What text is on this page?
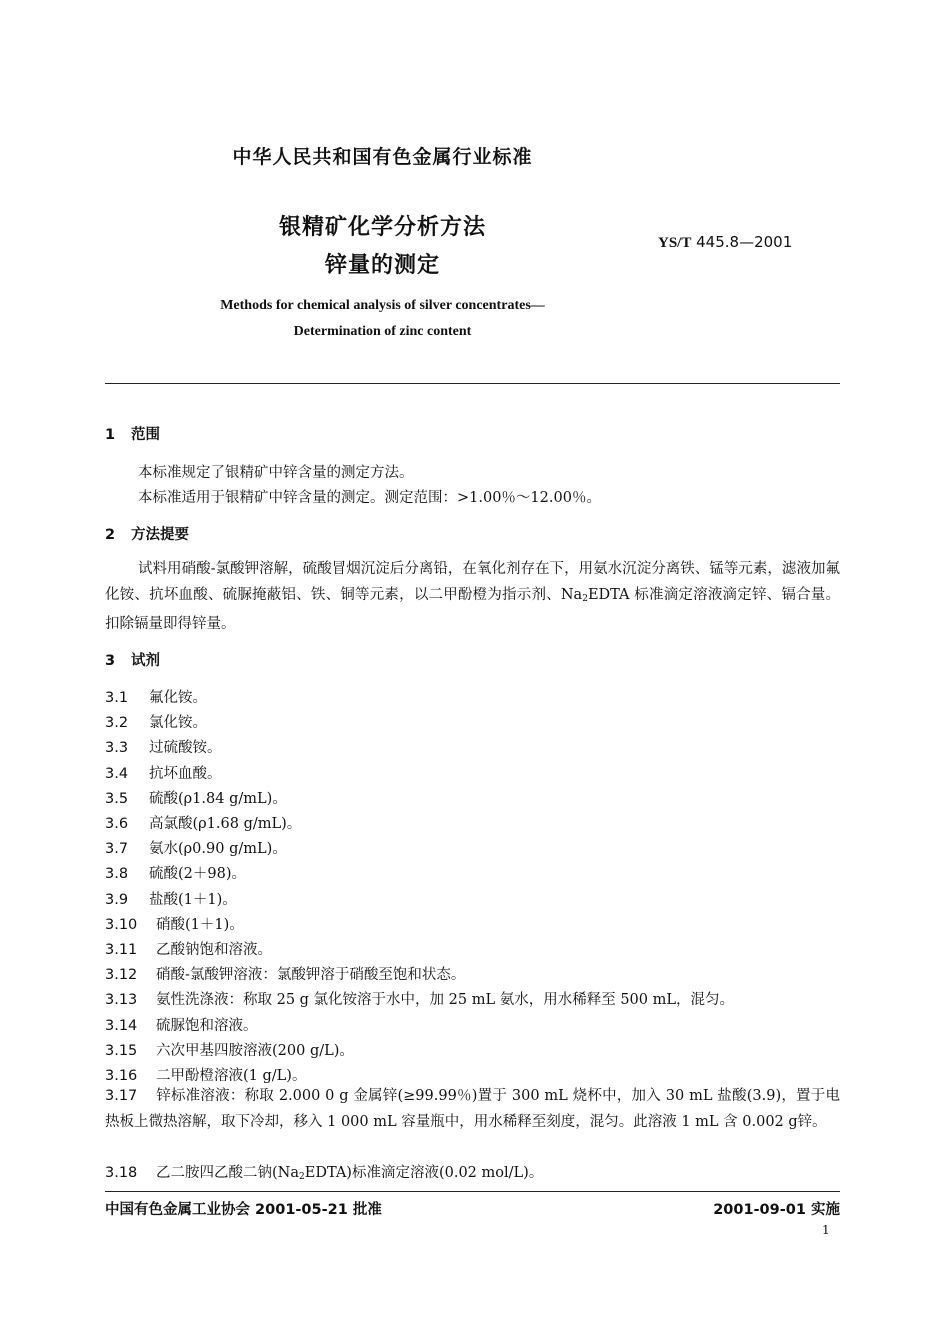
中华人民共和国有色金属行业标准
银精矿化学分析方法
锌量的测定
YS/T 445.8—2001
Methods for chemical analysis of silver concentrates—
Determination of zinc content
1 范围
本标准规定了银精矿中锌含量的测定方法。
本标准适用于银精矿中锌含量的测定。测定范围：>1.00％～12.00％。
2 方法提要
试料用硝酸-氯酸钾溶解，硫酸冒烟沉淀后分离铅，在氧化剂存在下，用氨水沉淀分离铁、锰等元素，滤液加氟化铵、抗坏血酸、硫脲掩蔽铝、铁、铜等元素，以二甲酚橙为指示剂、$Na_2EDTA$ 标准滴定溶液滴定锌、镉合量。扣除镉量即得锌量。
3 试剂
3.1 氟化铵。
3.2 氯化铵。
3.3 过硫酸铵。
3.4 抗坏血酸。
3.5 硫酸(ρ1.84 g/mL)。
3.6 高氯酸(ρ1.68 g/mL)。
3.7 氨水(ρ0.90 g/mL)。
3.8 硫酸(2＋98)。
3.9 盐酸(1＋1)。
3.10 硝酸(1＋1)。
3.11 乙酸钠饱和溶液。
3.12 硝酸-氯酸钾溶液：氯酸钾溶于硝酸至饱和状态。
3.13 氨性洗涤液：称取 25 g 氯化铵溶于水中，加 25 mL 氨水，用水稀释至 500 mL，混匀。
3.14 硫脲饱和溶液。
3.15 六次甲基四胺溶液(200 g/L)。
3.16 二甲酚橙溶液(1 g/L)。
3.17 锌标准溶液：称取 2.000 0 g 金属锌(≥99.99％)置于 300 mL 烧杯中，加入 30 mL 盐酸(3.9)，置于电热板上微热溶解，取下冷却，移入 1 000 mL 容量瓶中，用水稀释至刻度，混匀。此溶液 1 mL 含 0.002 g锌。
3.18 乙二胺四乙酸二钠$(Na_2EDTA)$标准滴定溶液(0.02 mol/L)。
中国有色金属工业协会 2001-05-21 批准	2001-09-01 实施
1
